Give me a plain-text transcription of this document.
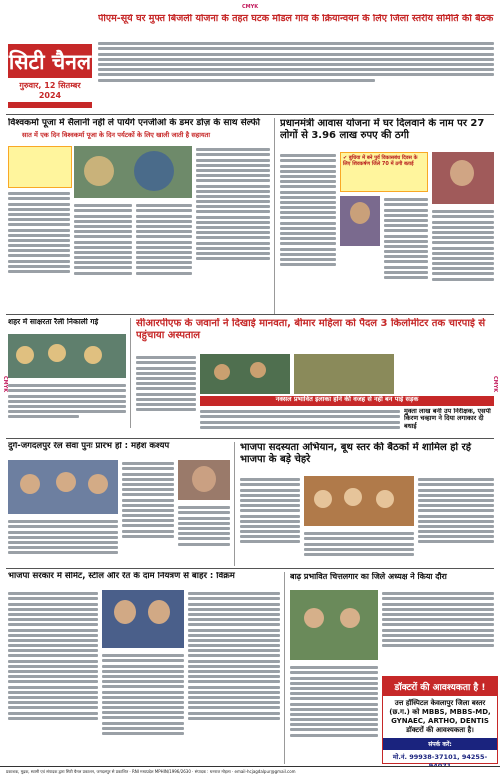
CMYK
CMYK	CMYK
सिटी चैनल
गुरुवार, 12 सितम्बर 2024
पीएम-सूर्य घर मुफ्त बिजली योजना के तहत घटक मॉडल गांव के क्रियान्वयन के लिए जिला स्तरीय समिति की बैठक
विश्वकर्मा पूजा में सैलानी नहीं ले पायेंगे एनजीओ के डमर डोज़ के साथ सेल्फी
सात में एक दिन विश्वकर्मा पूजा के दिन पर्यटकों के लिए खाली जाती है सहायता
प्रधानमंत्री आवास योजना में घर दिलवाने के नाम पर 27 लोगों से 3.96 लाख रुपए की ठगी
✔ बुधिया में बने पुर्व विकासबंध दिवस के लिए शिवकर्षण जिले 70 में ठगी बताई
शहर में साक्षरता रैली निकाली गई	सीआरपीएफ के जवानों ने दिखाई मानवता, बीमार महिला को पैदल 3 किलोमीटर तक चारपाई से पहुंचाया अस्पताल
नक्सल प्रभावित इलाका होने की वजह से नहीं बन पाई सड़क
मुक्ता लाख बनी उप निरीक्षक, एसपी किरण चव्हाण ने दिया लगाकार दी बधाई
दुर्ग-जगदलपुर रेल सेवा पुनः प्रारंभ हो : महेश कश्यप	भाजपा सदस्यता अभियान, बूथ स्तर की बैठकों में शामिल हो रहे भाजपा के बड़े चेहरे
भाजपा सरकार में सीमेंट, स्टील और रेत के दाम नियंत्रण से बाहर : विक्रम	बाढ़ प्रभावित चित्तलगार का जिले अध्यक्ष ने किया दौरा
डॉक्टरों की आवश्यकता है !
उत्त हॉस्पिटल केवलापुर जिला बस्तर (छ.ग.) को MBBS, MBBS-MD, GYNAEC, ARTHO, DENTIS डॉक्टरों की आवश्यकता है।
संपर्क करें:
मो.नं. 99938-37101, 94255-
प्रकाशक, मुद्रक, स्वामी एवं संपादक द्वारा सिटी चैनल प्रकाशन, जगदलपुर से प्रकाशित · RNI मध्यप्रदेश MPHIN/1996/2630 · संपादक : धनराज मोहला · email-hcjagdalpur@gmail.com
